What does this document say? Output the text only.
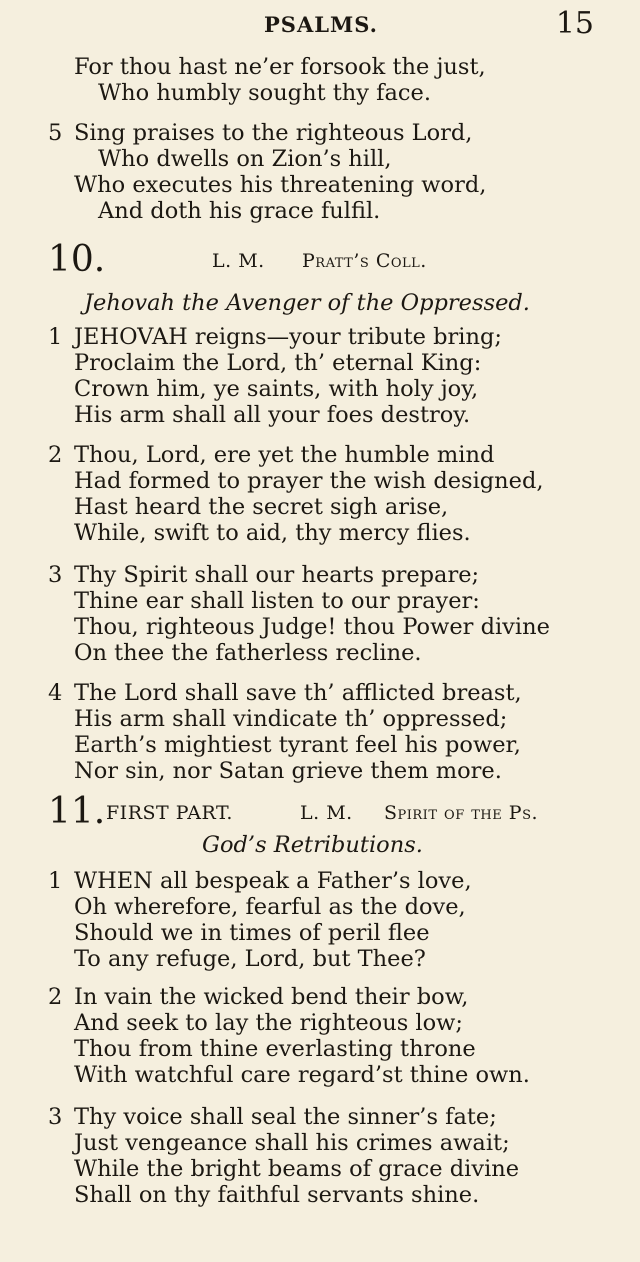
PSALMS.	15
For thou hast ne’er forsook the just,
Who humbly sought thy face.
5 Sing praises to the righteous Lord,
Who dwells on Zion’s hill,
Who executes his threatening word,
And doth his grace fulfil.
10.	L. M. Pratt’s Coll.
Jehovah the Avenger of the Oppressed.
1 JEHOVAH reigns—your tribute bring;
Proclaim the Lord, th’ eternal King:
Crown him, ye saints, with holy joy,
His arm shall all your foes destroy.
2 Thou, Lord, ere yet the humble mind
Had formed to prayer the wish designed,
Hast heard the secret sigh arise,
While, swift to aid, thy mercy flies.
3 Thy Spirit shall our hearts prepare;
Thine ear shall listen to our prayer:
Thou, righteous Judge! thou Power divine
On thee the fatherless recline.
4 The Lord shall save th’ afflicted breast,
His arm shall vindicate th’ oppressed;
Earth’s mightiest tyrant feel his power,
Nor sin, nor Satan grieve them more.
11. FIRST PART.	L. M. Spirit of the Ps.
God’s Retributions.
1 WHEN all bespeak a Father’s love,
Oh wherefore, fearful as the dove,
Should we in times of peril flee
To any refuge, Lord, but Thee?
2 In vain the wicked bend their bow,
And seek to lay the righteous low;
Thou from thine everlasting throne
With watchful care regard’st thine own.
3 Thy voice shall seal the sinner’s fate;
Just vengeance shall his crimes await;
While the bright beams of grace divine
Shall on thy faithful servants shine.
